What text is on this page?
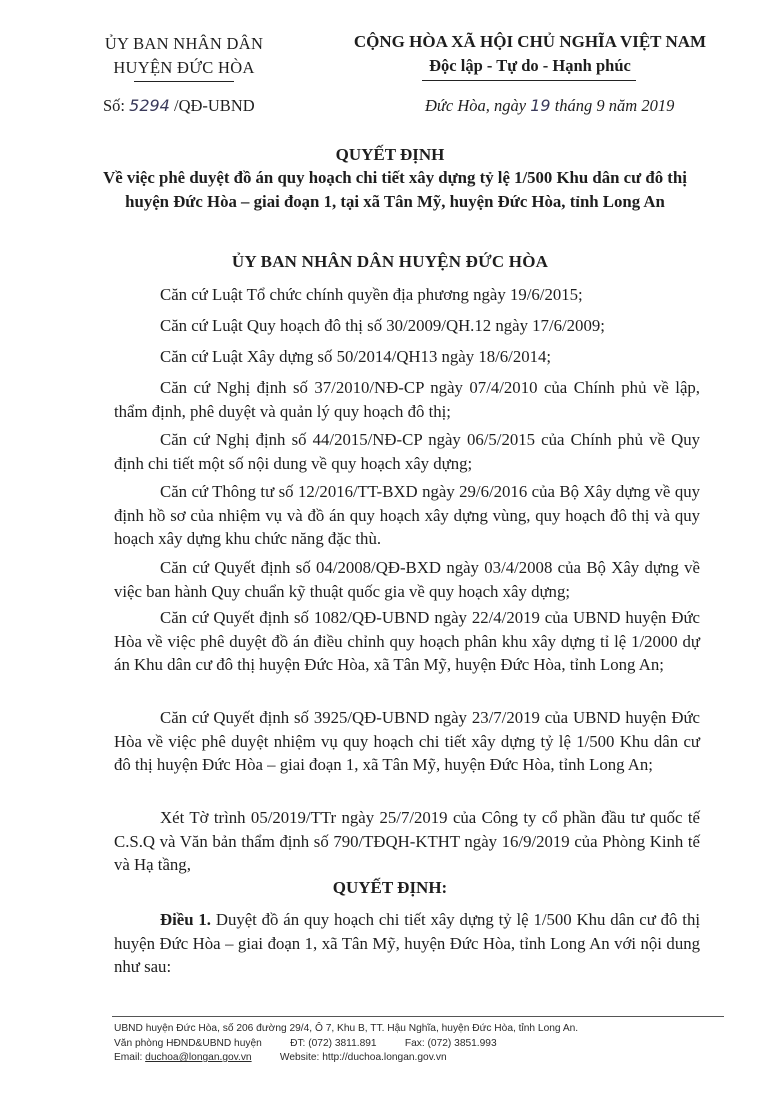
ỦY BAN NHÂN DÂN
HUYỆN ĐỨC HÒA
CỘNG HÒA XÃ HỘI CHỦ NGHĨA VIỆT NAM
Độc lập - Tự do - Hạnh phúc
Số: 5294 /QĐ-UBND	Đức Hòa, ngày 19 tháng 9 năm 2019
QUYẾT ĐỊNH
Về việc phê duyệt đồ án quy hoạch chi tiết xây dựng tỷ lệ 1/500 Khu dân cư đô thị huyện Đức Hòa – giai đoạn 1, tại xã Tân Mỹ, huyện Đức Hòa, tỉnh Long An
ỦY BAN NHÂN DÂN HUYỆN ĐỨC HÒA

Căn cứ Luật Tổ chức chính quyền địa phương ngày 19/6/2015;

Căn cứ Luật Quy hoạch đô thị số 30/2009/QH.12 ngày 17/6/2009;

Căn cứ Luật Xây dựng số 50/2014/QH13 ngày 18/6/2014;

Căn cứ Nghị định số 37/2010/NĐ-CP ngày 07/4/2010 của Chính phủ về lập, thẩm định, phê duyệt và quản lý quy hoạch đô thị;

Căn cứ Nghị định số 44/2015/NĐ-CP ngày 06/5/2015 của Chính phủ về Quy định chi tiết một số nội dung về quy hoạch xây dựng;

Căn cứ Thông tư số 12/2016/TT-BXD ngày 29/6/2016 của Bộ Xây dựng về quy định hồ sơ của nhiệm vụ và đồ án quy hoạch xây dựng vùng, quy hoạch đô thị và quy hoạch xây dựng khu chức năng đặc thù.

Căn cứ Quyết định số 04/2008/QĐ-BXD ngày 03/4/2008 của Bộ Xây dựng về việc ban hành Quy chuẩn kỹ thuật quốc gia về quy hoạch xây dựng;

Căn cứ Quyết định số 1082/QĐ-UBND ngày 22/4/2019 của UBND huyện Đức Hòa về việc phê duyệt đồ án điều chỉnh quy hoạch phân khu xây dựng tỉ lệ 1/2000 dự án Khu dân cư đô thị huyện Đức Hòa, xã Tân Mỹ, huyện Đức Hòa, tỉnh Long An;

Căn cứ Quyết định số 3925/QĐ-UBND ngày 23/7/2019 của UBND huyện Đức Hòa về việc phê duyệt nhiệm vụ quy hoạch chi tiết xây dựng tỷ lệ 1/500 Khu dân cư đô thị huyện Đức Hòa – giai đoạn 1, xã Tân Mỹ, huyện Đức Hòa, tỉnh Long An;

Xét Tờ trình 05/2019/TTr ngày 25/7/2019 của Công ty cổ phần đầu tư quốc tế C.S.Q và Văn bản thẩm định số 790/TĐQH-KTHT ngày 16/9/2019 của Phòng Kinh tế và Hạ tầng,

QUYẾT ĐỊNH:
Điều 1. Duyệt đồ án quy hoạch chi tiết xây dựng tỷ lệ 1/500 Khu dân cư đô thị huyện Đức Hòa – giai đoạn 1, xã Tân Mỹ, huyện Đức Hòa, tỉnh Long An với nội dung như sau:
UBND huyện Đức Hòa, số 206 đường 29/4, Ô 7, Khu B, TT. Hậu Nghĩa, huyện Đức Hòa, tỉnh Long An.
Văn phòng HĐND&UBND huyện	ĐT: (072) 3811.891	Fax: (072) 3851.993
Email: duchoa@longan.gov.vn	Website: http://duchoa.longan.gov.vn
